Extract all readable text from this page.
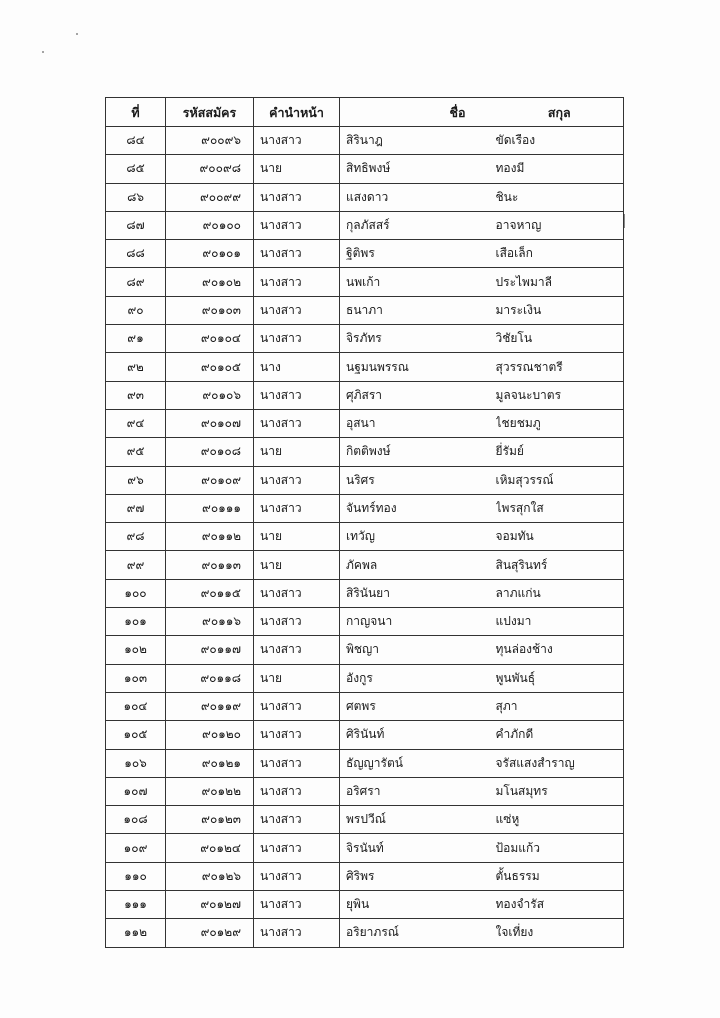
ที่	รหัสสมัคร	คำนำหน้า	ชื่อ	สกุล
๘๔	๙๐๐๙๖	นางสาว	สิรินาฎ	ขัดเรือง
๘๕	๙๐๐๙๘	นาย	สิทธิพงษ์	ทองมี
๘๖	๙๐๐๙๙	นางสาว	แสงดาว	ชินะ
๘๗	๙๐๑๐๐	นางสาว	กุลภัสสร์	อาจหาญ
๘๘	๙๐๑๐๑	นางสาว	ฐิติพร	เสือเล็ก
๘๙	๙๐๑๐๒	นางสาว	นพเก้า	ประไพมาลี
๙๐	๙๐๑๐๓	นางสาว	ธนาภา	มาระเงิน
๙๑	๙๐๑๐๔	นางสาว	จิรภัทร	วิชัยโน
๙๒	๙๐๑๐๕	นาง	นฐมนพรรณ	สุวรรณชาตรี
๙๓	๙๐๑๐๖	นางสาว	ศุภิสรา	มูลจนะบาตร
๙๔	๙๐๑๐๗	นางสาว	อุสนา	ไชยชมภู
๙๕	๙๐๑๐๘	นาย	กิตติพงษ์	ยี่รัมย์
๙๖	๙๐๑๐๙	นางสาว	นริศร	เหิมสุวรรณ์
๙๗	๙๐๑๑๑	นางสาว	จันทร์ทอง	ไพรสุกใส
๙๘	๙๐๑๑๒	นาย	เทวัญ	จอมทัน
๙๙	๙๐๑๑๓	นาย	ภัคพล	สินสุรินทร์
๑๐๐	๙๐๑๑๕	นางสาว	สิรินันยา	ลาภแก่น
๑๐๑	๙๐๑๑๖	นางสาว	กาญจนา	แปงมา
๑๐๒	๙๐๑๑๗	นางสาว	พิชญา	ทุนล่องช้าง
๑๐๓	๙๐๑๑๘	นาย	อังกูร	พูนพันธุ์
๑๐๔	๙๐๑๑๙	นางสาว	ศตพร	สุภา
๑๐๕	๙๐๑๒๐	นางสาว	ศิรินันท์	คำภักดี
๑๐๖	๙๐๑๒๑	นางสาว	ธัญญารัตน์	จรัสแสงสำราญ
๑๐๗	๙๐๑๒๒	นางสาว	อริศรา	มโนสมุทร
๑๐๘	๙๐๑๒๓	นางสาว	พรปวีณ์	แซ่หู
๑๐๙	๙๐๑๒๔	นางสาว	จิรนันท์	ป้อมแก้ว
๑๑๐	๙๐๑๒๖	นางสาว	ศิริพร	ตั้นธรรม
๑๑๑	๙๐๑๒๗	นางสาว	ยุพิน	ทองจำรัส
๑๑๒	๙๐๑๒๙	นางสาว	อริยาภรณ์	ใจเที่ยง
